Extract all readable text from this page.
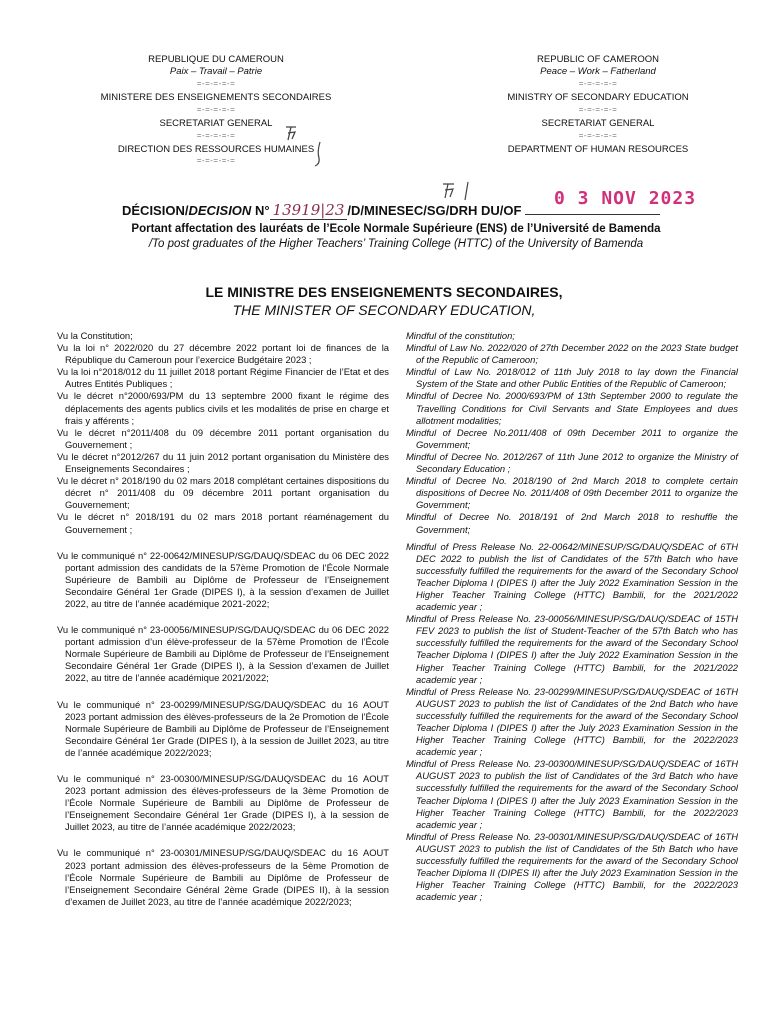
REPUBLIQUE DU CAMEROUN
Paix – Travail – Patrie
=-=-=-=-=
MINISTERE DES ENSEIGNEMENTS SECONDAIRES
=-=-=-=-=
SECRETARIAT GENERAL
=-=-=-=-=
DIRECTION DES RESSOURCES HUMAINES
=-=-=-=-=
REPUBLIC OF CAMEROON
Peace – Work – Fatherland
=-=-=-=-=
MINISTRY OF SECONDARY EDUCATION
=-=-=-=-=
SECRETARIAT GENERAL
=-=-=-=-=
DEPARTMENT OF HUMAN RESOURCES
DÉCISION/DECISION N° 13919|23 /D/MINESEC/SG/DRH DU/OF
0 3 NOV 2023
Portant affectation des lauréats de l’Ecole Normale Supérieure (ENS) de l’Université de Bamenda
/To post graduates of the Higher Teachers’ Training College (HTTC) of the University of Bamenda
LE MINISTRE DES ENSEIGNEMENTS SECONDAIRES,
THE MINISTER OF SECONDARY EDUCATION,

Vu la Constitution;

Vu la loi n° 2022/020 du 27 décembre 2022 portant loi de finances de la République du Cameroun pour l’exercice Budgétaire 2023 ;

Vu la loi n°2018/012 du 11 juillet 2018 portant Régime Financier de l’Etat et des Autres Entités Publiques ;

Vu le décret n°2000/693/PM du 13 septembre 2000 fixant le régime des déplacements des agents publics civils et les modalités de prise en charge et frais y afférents ;

Vu le décret n°2011/408 du 09 décembre 2011 portant organisation du Gouvernement ;

Vu le décret n°2012/267 du 11 juin 2012 portant organisation du Ministère des Enseignements Secondaires ;

Vu le décret n° 2018/190 du 02 mars 2018 complétant certaines dispositions du décret n° 2011/408 du 09 décembre 2011 portant organisation du Gouvernement;

Vu le décret n° 2018/191 du 02 mars 2018 portant réaménagement du Gouvernement ;

Vu le communiqué n° 22-00642/MINESUP/SG/DAUQ/SDEAC du 06 DEC 2022 portant admission des candidats de la 57ème Promotion de l’École Normale Supérieure de Bambili au Diplôme de Professeur de l’Enseignement Secondaire Général 1er Grade (DIPES I), à la session d’examen de Juillet 2022, au titre de l’année académique 2021-2022;

Vu le communiqué n° 23-00056/MINESUP/SG/DAUQ/SDEAC du 06 DEC 2022 portant admission d’un élève-professeur de la 57ème Promotion de l’École Normale Supérieure de Bambili au Diplôme de Professeur de l’Enseignement Secondaire Général 1er Grade (DIPES I), à la Session d’examen de Juillet 2022, au titre de l’année académique 2021/2022;

Vu le communiqué n° 23-00299/MINESUP/SG/DAUQ/SDEAC du 16 AOUT 2023 portant admission des élèves-professeurs de la 2e Promotion de l’École Normale Supérieure de Bambili au Diplôme de Professeur de l’Enseignement Secondaire Général 1er Grade (DIPES I), à la session de Juillet 2023, au titre de l’année académique 2022/2023;

Vu le communiqué n° 23-00300/MINESUP/SG/DAUQ/SDEAC du 16 AOUT 2023 portant admission des élèves-professeurs de la 3ème Promotion de l’École Normale Supérieure de Bambili au Diplôme de Professeur de l’Enseignement Secondaire Général 1er Grade (DIPES I), à la session de Juillet 2023, au titre de l’année académique 2022/2023;

Vu le communiqué n° 23-00301/MINESUP/SG/DAUQ/SDEAC du 16 AOUT 2023 portant admission des élèves-professeurs de la 5ème Promotion de l’École Normale Supérieure de Bambili au Diplôme de Professeur de l’Enseignement Secondaire Général 2ème Grade (DIPES II), à la session d’examen de Juillet 2023, au titre de l’année académique 2022/2023;

Mindful of the constitution;

Mindful of Law No. 2022/020 of 27th December 2022 on the 2023 State budget of the Republic of Cameroon;

Mindful of Law No. 2018/012 of 11th July 2018 to lay down the Financial System of the State and other Public Entities of the Republic of Cameroon;

Mindful of Decree No. 2000/693/PM of 13th September 2000 to regulate the Travelling Conditions for Civil Servants and State Employees and dues allotment modalities;

Mindful of Decree No.2011/408 of 09th December 2011 to organize the Government;

Mindful of Decree No. 2012/267 of 11th June 2012 to organize the Ministry of Secondary Education ;

Mindful of Decree No. 2018/190 of 2nd March 2018 to complete certain dispositions of Decree No. 2011/408 of 09th December 2011 to organize the Government;

Mindful of Decree No. 2018/191 of 2nd March 2018 to reshuffle the Government;

Mindful of Press Release No. 22-00642/MINESUP/SG/DAUQ/SDEAC of 6TH DEC 2022 to publish the list of Candidates of the 57th Batch who have successfully fulfilled the requirements for the award of the Secondary School Teacher Diploma I (DIPES I) after the July 2022 Examination Session in the Higher Teacher Training College (HTTC) Bambili, for the 2021/2022 academic year ;

Mindful of Press Release No. 23-00056/MINESUP/SG/DAUQ/SDEAC of 15TH FEV 2023 to publish the list of Student-Teacher of the 57th Batch who has successfully fulfilled the requirements for the award of the Secondary School Teacher Diploma I (DIPES I) after the July 2022 Examination Session in the Higher Teacher Training College (HTTC) Bambili, for the 2021/2022 academic year ;

Mindful of Press Release No. 23-00299/MINESUP/SG/DAUQ/SDEAC of 16TH AUGUST 2023 to publish the list of Candidates of the 2nd Batch who have successfully fulfilled the requirements for the award of the Secondary School Teacher Diploma I (DIPES I) after the July 2023 Examination Session in the Higher Teacher Training College (HTTC) Bambili, for the 2022/2023 academic year ;

Mindful of Press Release No. 23-00300/MINESUP/SG/DAUQ/SDEAC of 16TH AUGUST 2023 to publish the list of Candidates of the 3rd Batch who have successfully fulfilled the requirements for the award of the Secondary School Teacher Diploma I (DIPES I) after the July 2023 Examination Session in the Higher Teacher Training College (HTTC) Bambili, for the 2022/2023 academic year ;

Mindful of Press Release No. 23-00301/MINESUP/SG/DAUQ/SDEAC of 16TH AUGUST 2023 to publish the list of Candidates of the 5th Batch who have successfully fulfilled the requirements for the award of the Secondary School Teacher Diploma II (DIPES II) after the July 2023 Examination Session in the Higher Teacher Training College (HTTC) Bambili, for the 2022/2023 academic year ;
